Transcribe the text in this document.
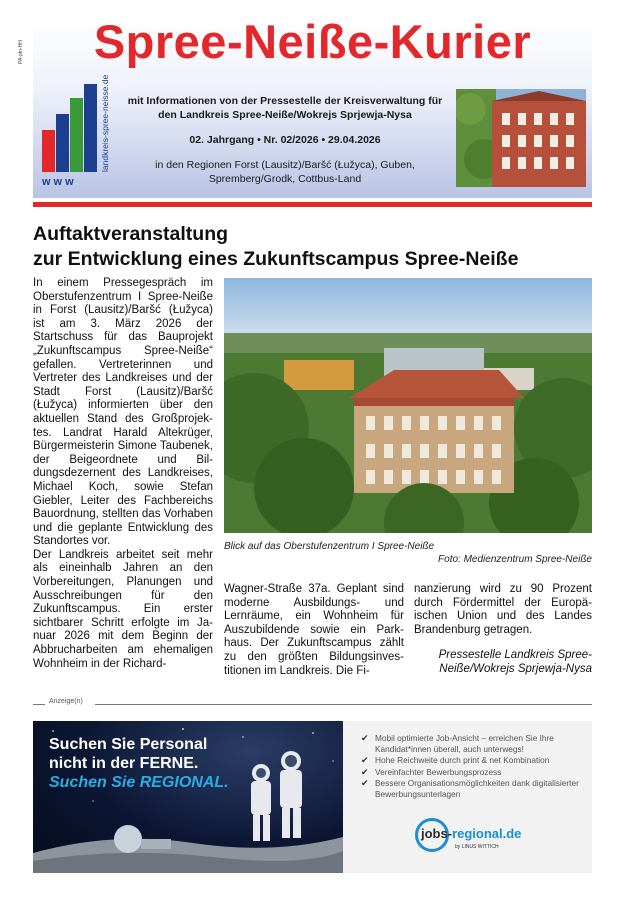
PA-ptn-HH	Spree-Neiße-Kurier
landkreis-spree-neisse.de
www
mit Informationen von der Pressestelle der Kreisverwaltung für
den Landkreis Spree-Neiße/Wokrejs Sprjewja-Nysa
02. Jahrgang • Nr. 02/2026 • 29.04.2026
in den Regionen Forst (Lausitz)/Baršć (Łužyca), Guben,
Spremberg/Grodk, Cottbus-Land
Auftaktveranstaltung
zur Entwicklung eines Zukunftscampus Spree-Neiße

In einem Pressegespräch im Oberstufenzentrum I Spree-Neiße in Forst (Lausitz)/Baršć (Łužyca) ist am 3. März 2026 der Startschuss für das Bauprojekt „Zukunftscampus Spree-Neiße“ gefallen. Vertreterinnen und Vertreter des Landkreises und der Stadt Forst (Lausitz)/Baršć (Łužyca) informierten über den aktuellen Stand des Großprojektes. Landrat Harald Altekrüger, Bürgermeisterin Simone Taubenek, der Beigeordnete und Bildungsdezernent des Landkreises, Michael Koch, sowie Stefan Giebler, Leiter des Fachbereichs Bauordnung, stellten das Vorhaben und die geplante Entwicklung des Standortes vor.

Der Landkreis arbeitet seit mehr als eineinhalb Jahren an den Vorbereitungen, Planungen und Ausschreibungen für den Zukunftscampus. Ein erster sichtbarer Schritt erfolgte im Januar 2026 mit dem Beginn der Abbrucharbeiten am ehemaligen Wohnheim in der Richard-

Blick auf das Oberstufenzentrum I Spree-Neiße
Foto: Medienzentrum Spree-Neiße

Wagner-Straße 37a. Geplant sind moderne Ausbildungs- und Lernräume, ein Wohnheim für Auszubildende sowie ein Parkhaus. Der Zukunftscampus zählt zu den größten Bildungsinvestitionen im Landkreis. Die Fi-

nanzierung wird zu 90 Prozent durch Fördermittel der Europäischen Union und des Landes Brandenburg getragen.

Pressestelle Landkreis Spree-
Neiße/Wokrejs Sprjewja-Nysa
Anzeige(n)
Suchen Sie Personal
nicht in der FERNE.
Suchen Sie REGIONAL.
✔ Mobil optimierte Job-Ansicht – erreichen Sie Ihre Kandidat*innen überall, auch unterwegs!
✔ Hohe Reichweite durch print & net Kombination
✔ Vereinfachter Bewerbungsprozess
✔ Bessere Organisationsmöglichkeiten dank digitalisierter Bewerbungsunterlagen
jobs-regional.de
by LINUS WITTICH
